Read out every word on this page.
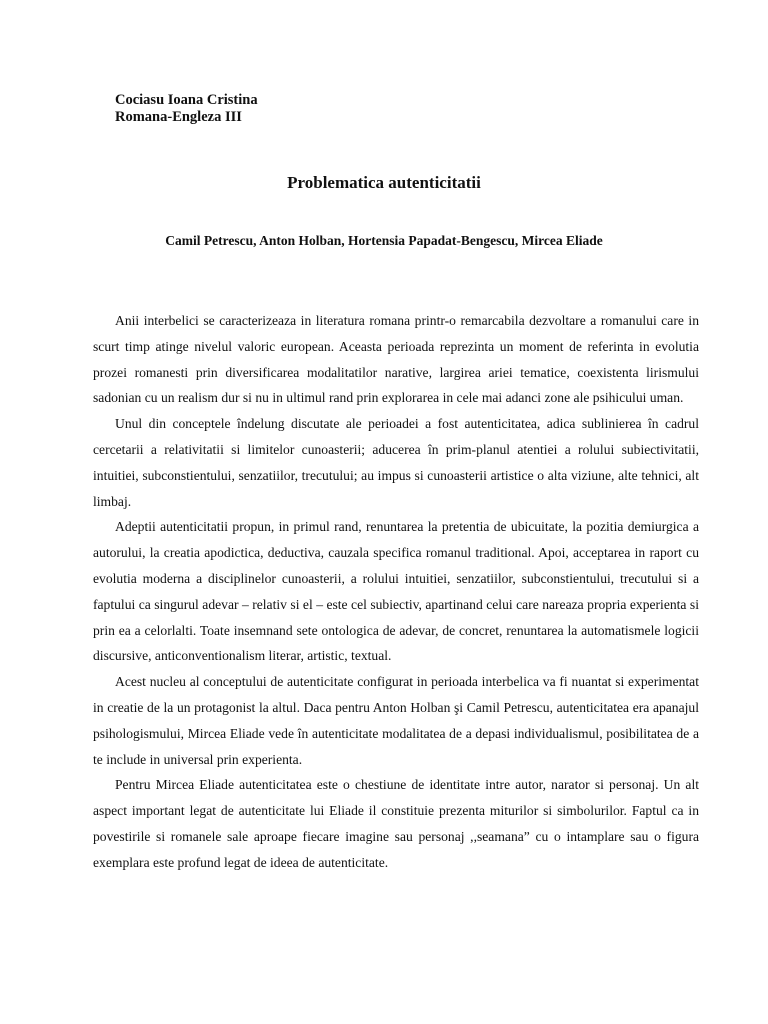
Cociasu Ioana Cristina
Romana-Engleza III
Problematica autenticitatii
Camil Petrescu, Anton Holban, Hortensia Papadat-Bengescu, Mircea Eliade

Anii interbelici se caracterizeaza in literatura romana printr-o remarcabila dezvoltare a romanului care in scurt timp atinge nivelul valoric european. Aceasta perioada reprezinta un moment de referinta in evolutia prozei romanesti prin diversificarea modalitatilor narative, largirea ariei tematice, coexistenta lirismului sadonian cu un realism dur si nu in ultimul rand prin explorarea in cele mai adanci zone ale psihicului uman.

Unul din conceptele îndelung discutate ale perioadei a fost autenticitatea, adica sublinierea în cadrul cercetarii a relativitatii si limitelor cunoasterii; aducerea în prim-planul atentiei a rolului subiectivitatii, intuitiei, subconstientului, senzatiilor, trecutului; au impus si cunoasterii artistice o alta viziune, alte tehnici, alt limbaj.

Adeptii autenticitatii propun, in primul rand, renuntarea la pretentia de ubicuitate, la pozitia demiurgica a autorului, la creatia apodictica, deductiva, cauzala specifica romanul traditional. Apoi, acceptarea in raport cu evolutia moderna a disciplinelor cunoasterii, a rolului intuitiei, senzatiilor, subconstientului, trecutului si a faptului ca singurul adevar – relativ si el – este cel subiectiv, apartinand celui care nareaza propria experienta si prin ea a celorlalti. Toate insemnand sete ontologica de adevar, de concret, renuntarea la automatismele logicii discursive, anticonventionalism literar, artistic, textual.

Acest nucleu al conceptului de autenticitate configurat in perioada interbelica va fi nuantat si experimentat in creatie de la un protagonist la altul. Daca pentru Anton Holban şi Camil Petrescu, autenticitatea era apanajul psihologismului, Mircea Eliade vede în autenticitate modalitatea de a depasi individualismul, posibilitatea de a te include in universal prin experienta.

Pentru Mircea Eliade autenticitatea este o chestiune de identitate intre autor, narator si personaj. Un alt aspect important legat de autenticitate lui Eliade il constituie prezenta miturilor si simbolurilor. Faptul ca in povestirile si romanele sale aproape fiecare imagine sau personaj ,,seamana” cu o intamplare sau o figura exemplara este profund legat de ideea de autenticitate.
